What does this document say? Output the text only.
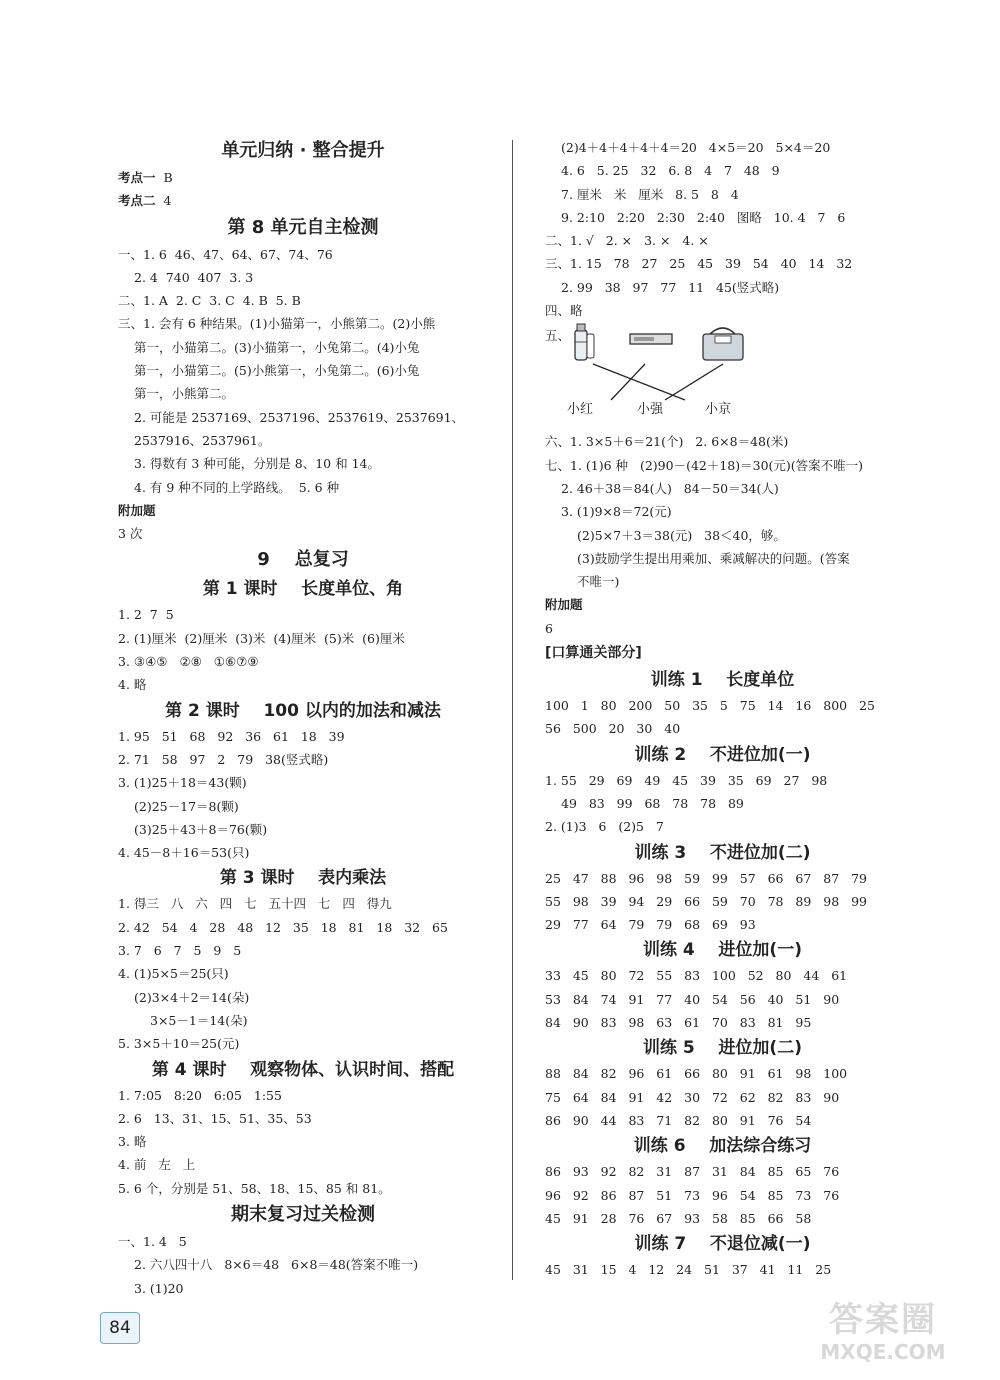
单元归纳 · 整合提升
考点一 B
考点二 4
第 8 单元自主检测
一、1. 6  46、47、64、67、74、76
2. 4  740  407  3. 3
二、1. A  2. C  3. C  4. B  5. B
三、1. 会有 6 种结果。(1)小猫第一，小熊第二。(2)小熊
第一，小猫第二。(3)小猫第一，小兔第二。(4)小兔
第一，小猫第二。(5)小熊第一，小兔第二。(6)小兔
第一，小熊第二。
2. 可能是 2537169、2537196、2537619、2537691、
2537916、2537961。
3. 得数有 3 种可能，分别是 8、10 和 14。
4. 有 9 种不同的上学路线。  5. 6 种
附加题
3 次
9    总复习
第 1 课时    长度单位、角
1. 2  7  5
2. (1)厘米  (2)厘米  (3)米  (4)厘米  (5)米  (6)厘米
3. ③④⑤   ②⑧   ①⑥⑦⑨
4. 略
第 2 课时    100 以内的加法和减法
1. 95   51   68   92   36   61   18   39
2. 71   58   97   2   79   38(竖式略)
3. (1)25＋18＝43(颗)
(2)25－17＝8(颗)
(3)25＋43＋8＝76(颗)
4. 45－8＋16＝53(只)
第 3 课时    表内乘法
1. 得三   八   六   四   七   五十四   七   四   得九
2. 42   54   4   28   48   12   35   18   81   18   32   65
3. 7   6   7   5   9   5
4. (1)5×5＝25(只)
(2)3×4＋2＝14(朵)
3×5－1＝14(朵)
5. 3×5＋10＝25(元)
第 4 课时    观察物体、认识时间、搭配
1. 7:05   8:20   6:05   1:55
2. 6   13、31、15、51、35、53
3. 略
4. 前   左   上
5. 6 个，分别是 51、58、18、15、85 和 81。
期末复习过关检测
一、1. 4   5
2. 六八四十八   8×6＝48   6×8＝48(答案不唯一)
3. (1)20
(2)4＋4＋4＋4＋4＝20   4×5＝20   5×4＝20
4. 6   5. 25   32   6. 8   4   7   48   9
7. 厘米   米   厘米   8. 5   8   4
9. 2:10   2:20   2:30   2:40   图略   10. 4   7   6
二、1. √   2. ×   3. ×   4. ×
三、1. 15   78   27   25   45   39   54   40   14   32
2. 99   38   97   77   11   45(竖式略)
四、略
五、
小红	小强	小京
六、1. 3×5＋6＝21(个)   2. 6×8＝48(米)
七、1. (1)6 种   (2)90－(42＋18)＝30(元)(答案不唯一)
2. 46＋38＝84(人)   84－50＝34(人)
3. (1)9×8＝72(元)
(2)5×7＋3＝38(元)   38＜40，够。
(3)鼓励学生提出用乘加、乘减解决的问题。(答案
不唯一)
附加题
6
[口算通关部分]
训练 1    长度单位
100   1   80   200   50   35   5   75   14   16   800   25
56   500   20   30   40
训练 2    不进位加(一)
1. 55   29   69   49   45   39   35   69   27   98
49   83   99   68   78   78   89
2. (1)3   6   (2)5   7
训练 3    不进位加(二)
25   47   88   96   98   59   99   57   66   67   87   79
55   98   39   94   29   66   59   70   78   89   98   99
29   77   64   79   79   68   69   93
训练 4    进位加(一)
33   45   80   72   55   83   100   52   80   44   61
53   84   74   91   77   40   54   56   40   51   90
84   90   83   98   63   61   70   83   81   95
训练 5    进位加(二)
88   84   82   96   61   66   80   91   61   98   100
75   64   84   91   42   30   72   62   82   83   90
86   90   44   83   71   82   80   91   76   54
训练 6    加法综合练习
86   93   92   82   31   87   31   84   85   65   76
96   92   86   87   51   73   96   54   85   73   76
45   91   28   76   67   93   58   85   66   58
训练 7    不退位减(一)
45   31   15   4   12   24   51   37   41   11   25
84	答案圈
MXQE.COM
